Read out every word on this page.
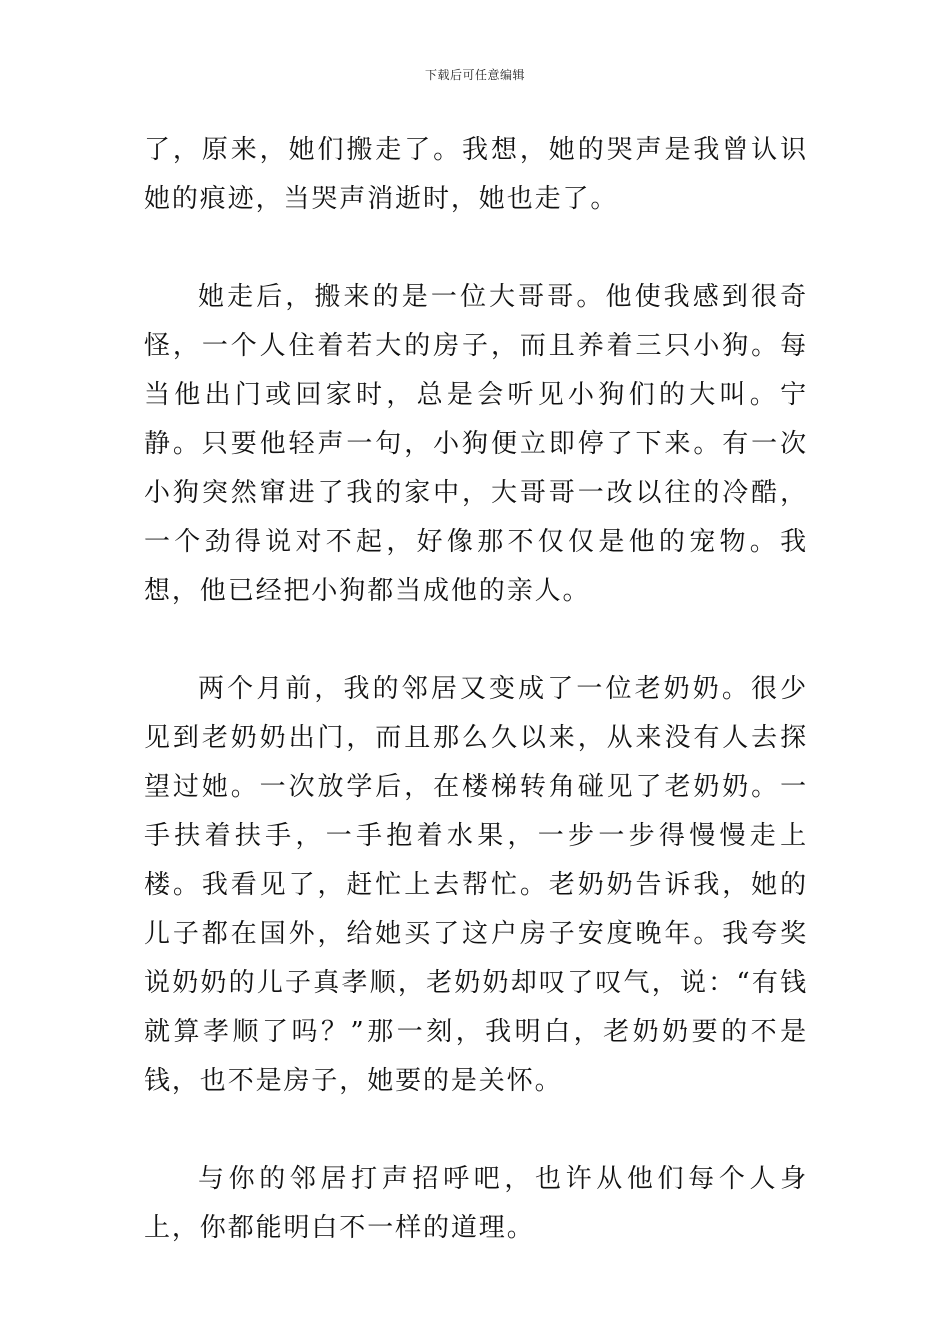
下载后可任意编辑

了，原来，她们搬走了。我想，她的哭声是我曾认识她的痕迹，当哭声消逝时，她也走了。

她走后，搬来的是一位大哥哥。他使我感到很奇怪，一个人住着若大的房子，而且养着三只小狗。每当他出门或回家时，总是会听见小狗们的大叫。宁静。只要他轻声一句，小狗便立即停了下来。有一次小狗突然窜进了我的家中，大哥哥一改以往的冷酷，一个劲得说对不起，好像那不仅仅是他的宠物。我想，他已经把小狗都当成他的亲人。

两个月前，我的邻居又变成了一位老奶奶。很少见到老奶奶出门，而且那么久以来，从来没有人去探望过她。一次放学后，在楼梯转角碰见了老奶奶。一手扶着扶手，一手抱着水果，一步一步得慢慢走上楼。我看见了，赶忙上去帮忙。老奶奶告诉我，她的儿子都在国外，给她买了这户房子安度晚年。我夸奖说奶奶的儿子真孝顺，老奶奶却叹了叹气，说：“有钱就算孝顺了吗？”那一刻，我明白，老奶奶要的不是钱，也不是房子，她要的是关怀。

与你的邻居打声招呼吧，也许从他们每个人身上，你都能明白不一样的道理。
